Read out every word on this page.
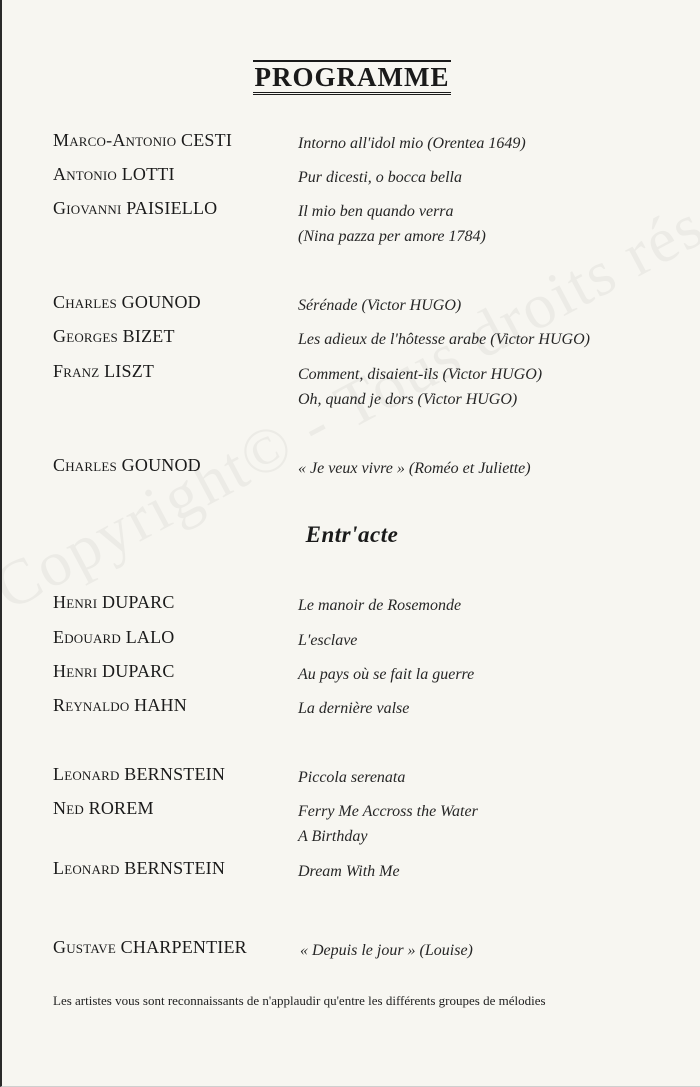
PROGRAMME
Marco-Antonio CESTI	Intorno all'idol mio (Orentea 1649)
Antonio LOTTI	Pur dicesti, o bocca bella
Giovanni PAISIELLO	Il mio ben quando verra
(Nina pazza per amore 1784)
Charles GOUNOD	Sérénade (Victor HUGO)
Georges BIZET	Les adieux de l'hôtesse arabe (Victor HUGO)
Franz LISZT	Comment, disaient-ils (Victor HUGO)
Oh, quand je dors (Victor HUGO)
Charles GOUNOD	« Je veux vivre » (Roméo et Juliette)
Entr'acte
Henri DUPARC	Le manoir de Rosemonde
Edouard LALO	L'esclave
Henri DUPARC	Au pays où se fait la guerre
Reynaldo HAHN	La dernière valse
Leonard BERNSTEIN	Piccola serenata
Ned ROREM	Ferry Me Accross the Water
A Birthday
Leonard BERNSTEIN	Dream With Me
Gustave CHARPENTIER	« Depuis le jour » (Louise)
Les artistes vous sont reconnaissants de n'applaudir qu'entre les différents groupes de mélodies
